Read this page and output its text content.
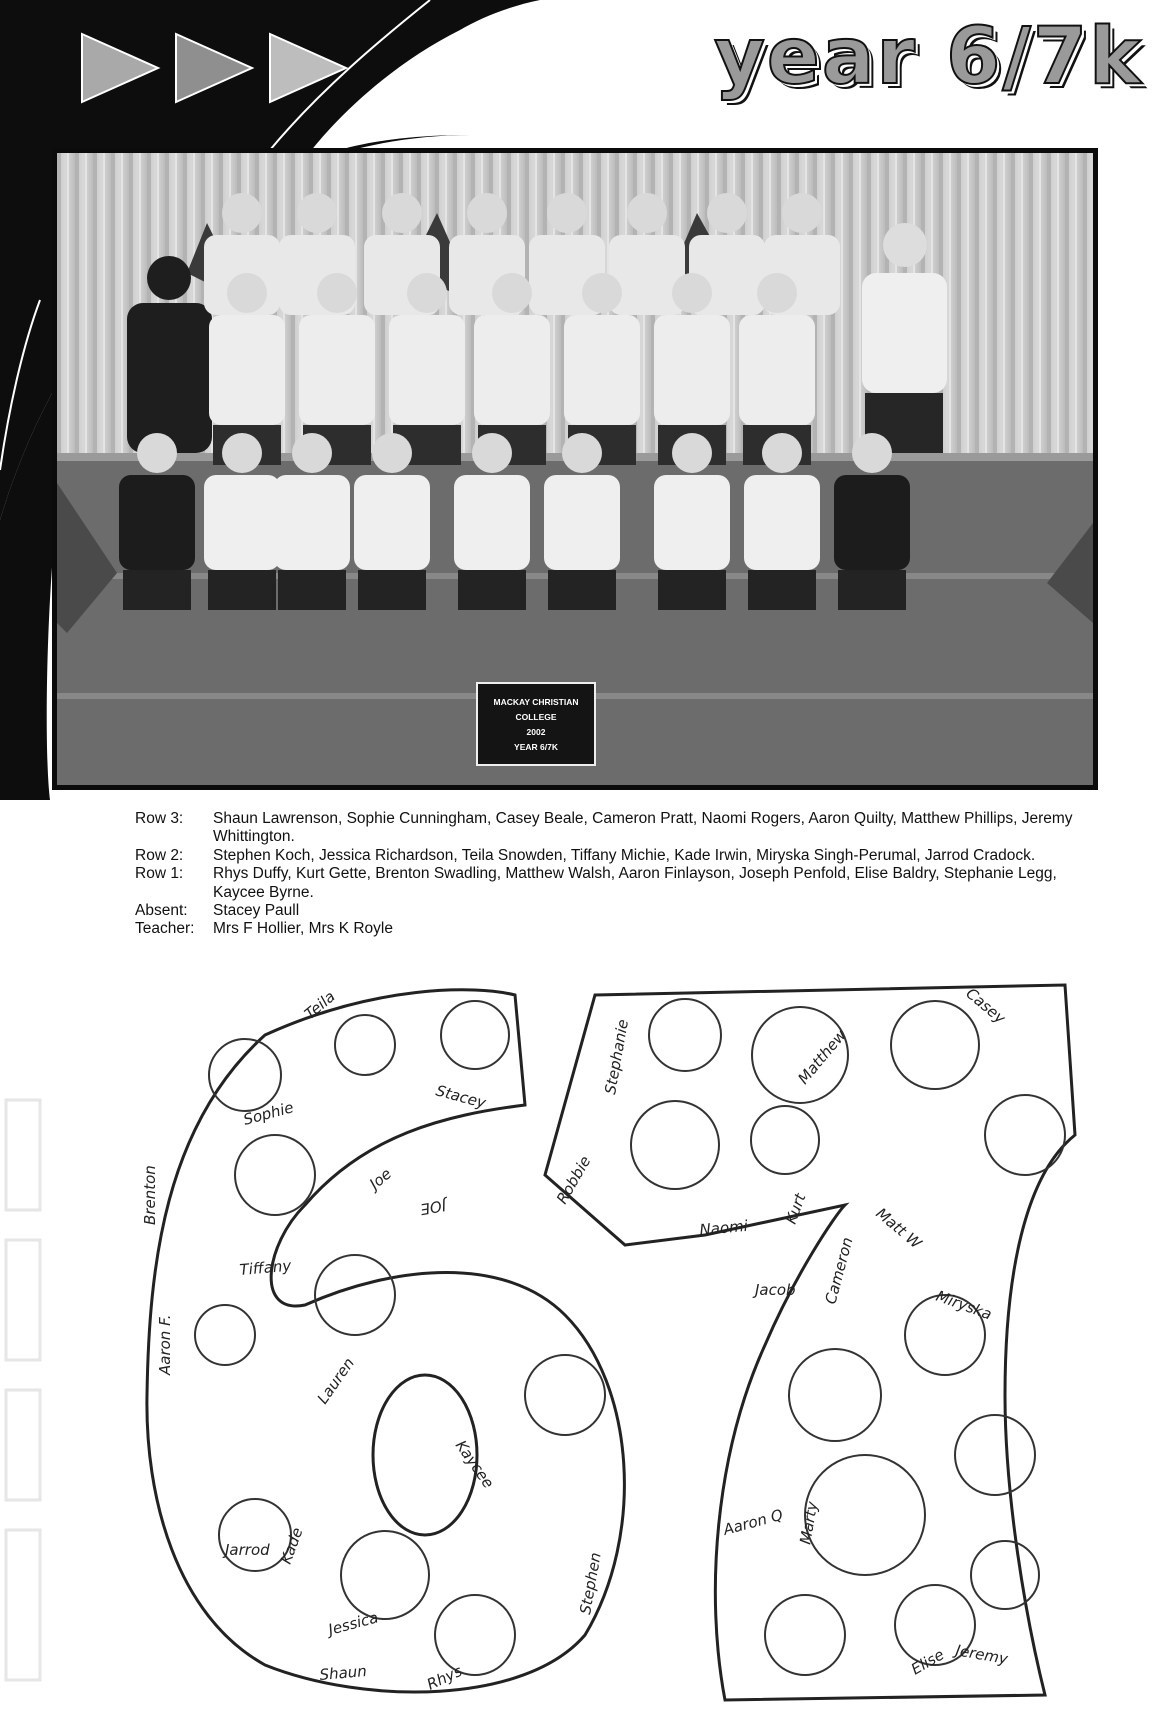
year 6/7k
MACKAY CHRISTIAN
COLLEGE
2002
YEAR 6/7K
Row 3:	Shaun Lawrenson, Sophie Cunningham, Casey Beale, Cameron Pratt, Naomi Rogers, Aaron Quilty, Matthew Phillips, Jeremy Whittington.
Row 2:	Stephen Koch, Jessica Richardson, Teila Snowden, Tiffany Michie, Kade Irwin, Miryska Singh-Perumal, Jarrod Cradock.
Row 1:	Rhys Duffy, Kurt Gette, Brenton Swadling, Matthew Walsh, Aaron Finlayson, Joseph Penfold, Elise Baldry, Stephanie Legg, Kaycee Byrne.
Absent:	Stacey Paull
Teacher:	Mrs F Hollier, Mrs K Royle
Teila
Sophie
Stacey
Brenton
Tiffany
Aaron F.
Joe
JOE
Lauren
Jarrod Kade
Kaycee
Jessica
Shaun	Rhys
Stephen
Stephanie
Robbie
Naomi
Kurt
Matthew
Casey
Cameron
Matt W
Jacob	Miryska
Aaron Q Marty
Elise Jeremy
